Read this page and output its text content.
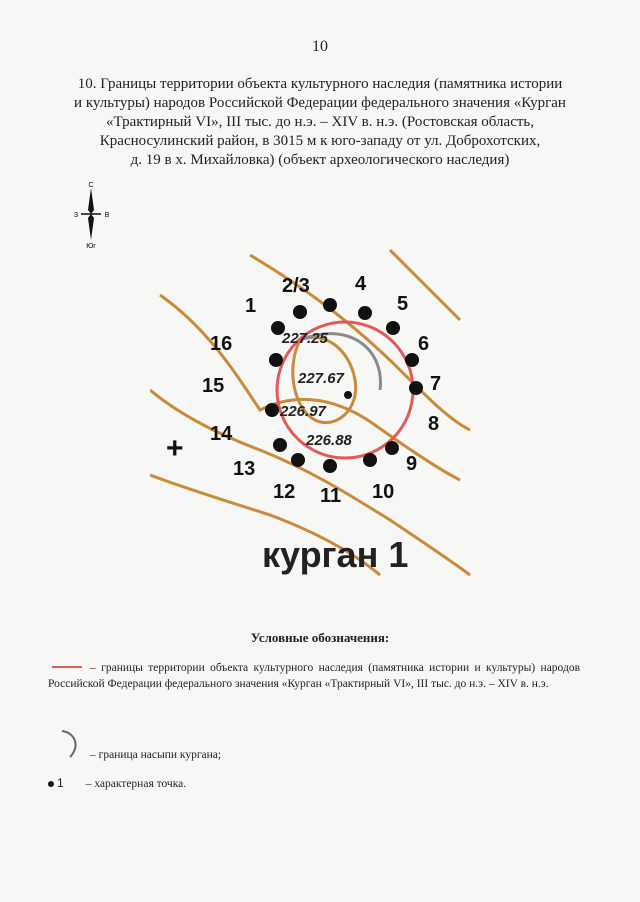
10
10. Границы территории объекта культурного наследия (памятника истории
и культуры) народов Российской Федерации федерального значения «Курган
«Трактирный VI», III тыс. до н.э. – XIV в. н.э. (Ростовская область,
Красносулинский район, в 3015 м к юго-западу от ул. Доброхотских,
д. 19 в х. Михайловка) (объект археологического наследия)
С
Юг
З	В
1
2/3 4
5
6
7
8
9
10
11
12
13
14
15
16	227.25
227.67
226.97
226.88
+
курган 1
Условные обозначения:
– границы территории объекта культурного наследия (памятника истории и культуры) народов Российской Федерации федерального значения «Курган «Трактирный VI», III тыс. до н.э. – XIV в. н.э.
– граница насыпи кургана;
1 – характерная точка.
